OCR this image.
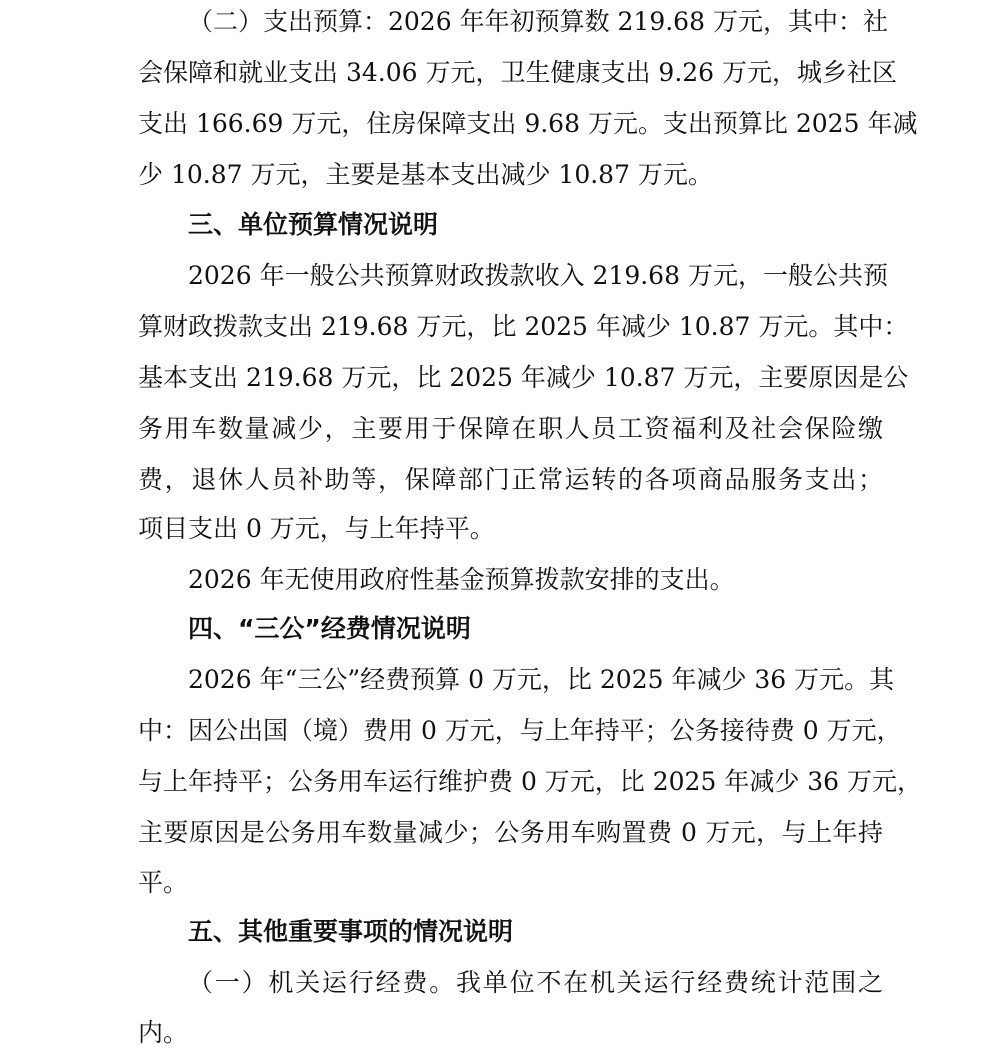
（二）支出预算：2026 年年初预算数 219.68 万元，其中：社
会保障和就业支出 34.06 万元，卫生健康支出 9.26 万元，城乡社区
支出 166.69 万元，住房保障支出 9.68 万元。支出预算比 2025 年减
少 10.87 万元，主要是基本支出减少 10.87 万元。
三、单位预算情况说明
2026 年一般公共预算财政拨款收入 219.68 万元，一般公共预
算财政拨款支出 219.68 万元，比 2025 年减少 10.87 万元。其中：
基本支出 219.68 万元，比 2025 年减少 10.87 万元，主要原因是公
务用车数量减少，主要用于保障在职人员工资福利及社会保险缴
费，退休人员补助等，保障部门正常运转的各项商品服务支出；
项目支出 0 万元，与上年持平。
2026 年无使用政府性基金预算拨款安排的支出。
四、“三公”经费情况说明
2026 年“三公”经费预算 0 万元，比 2025 年减少 36 万元。其
中：因公出国（境）费用 0 万元，与上年持平；公务接待费 0 万元，
与上年持平；公务用车运行维护费 0 万元，比 2025 年减少 36 万元，
主要原因是公务用车数量减少；公务用车购置费 0 万元，与上年持
平。
五、其他重要事项的情况说明
（一）机关运行经费。我单位不在机关运行经费统计范围之
内。
